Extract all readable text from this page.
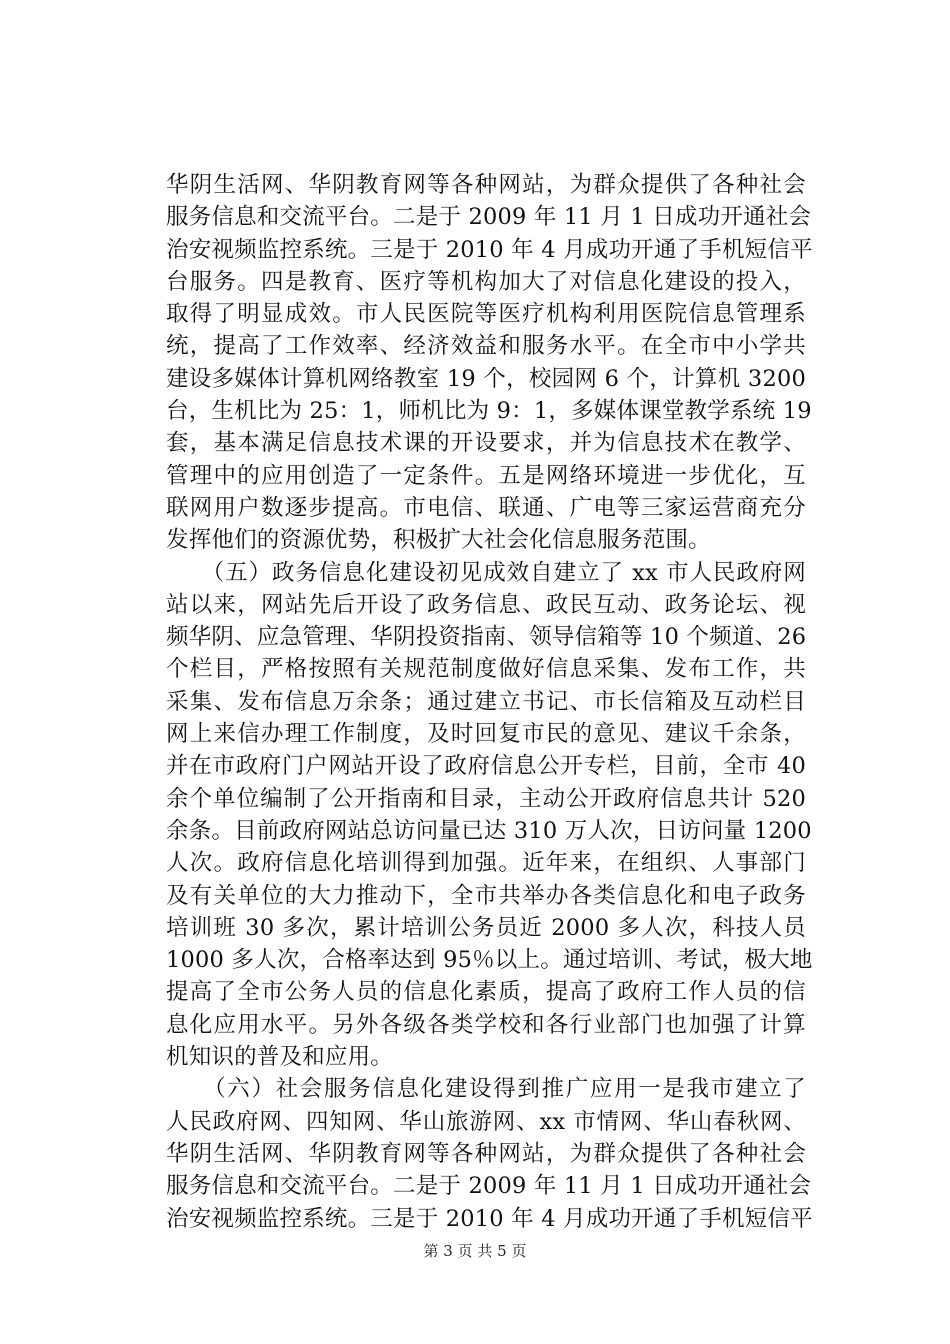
华阴生活网、华阴教育网等各种网站，为群众提供了各种社会
服务信息和交流平台。二是于 2009 年 11 月 1 日成功开通社会
治安视频监控系统。三是于 2010 年 4 月成功开通了手机短信平
台服务。四是教育、医疗等机构加大了对信息化建设的投入，
取得了明显成效。市人民医院等医疗机构利用医院信息管理系
统，提高了工作效率、经济效益和服务水平。在全市中小学共
建设多媒体计算机网络教室 19 个，校园网 6 个，计算机 3200
台，生机比为 25：1，师机比为 9：1，多媒体课堂教学系统 19
套，基本满足信息技术课的开设要求，并为信息技术在教学、
管理中的应用创造了一定条件。五是网络环境进一步优化，互
联网用户数逐步提高。市电信、联通、广电等三家运营商充分
发挥他们的资源优势，积极扩大社会化信息服务范围。
　　（五）政务信息化建设初见成效自建立了 xx 市人民政府网
站以来，网站先后开设了政务信息、政民互动、政务论坛、视
频华阴、应急管理、华阴投资指南、领导信箱等 10 个频道、26
个栏目，严格按照有关规范制度做好信息采集、发布工作，共
采集、发布信息万余条；通过建立书记、市长信箱及互动栏目
网上来信办理工作制度，及时回复市民的意见、建议千余条，
并在市政府门户网站开设了政府信息公开专栏，目前，全市 40
余个单位编制了公开指南和目录，主动公开政府信息共计 520
余条。目前政府网站总访问量已达 310 万人次，日访问量 1200
人次。政府信息化培训得到加强。近年来，在组织、人事部门
及有关单位的大力推动下，全市共举办各类信息化和电子政务
培训班 30 多次，累计培训公务员近 2000 多人次，科技人员
1000 多人次，合格率达到 95％以上。通过培训、考试，极大地
提高了全市公务人员的信息化素质，提高了政府工作人员的信
息化应用水平。另外各级各类学校和各行业部门也加强了计算
机知识的普及和应用。
　　（六）社会服务信息化建设得到推广应用一是我市建立了
人民政府网、四知网、华山旅游网、xx 市情网、华山春秋网、
华阴生活网、华阴教育网等各种网站，为群众提供了各种社会
服务信息和交流平台。二是于 2009 年 11 月 1 日成功开通社会
治安视频监控系统。三是于 2010 年 4 月成功开通了手机短信平
第 3 页 共 5 页
